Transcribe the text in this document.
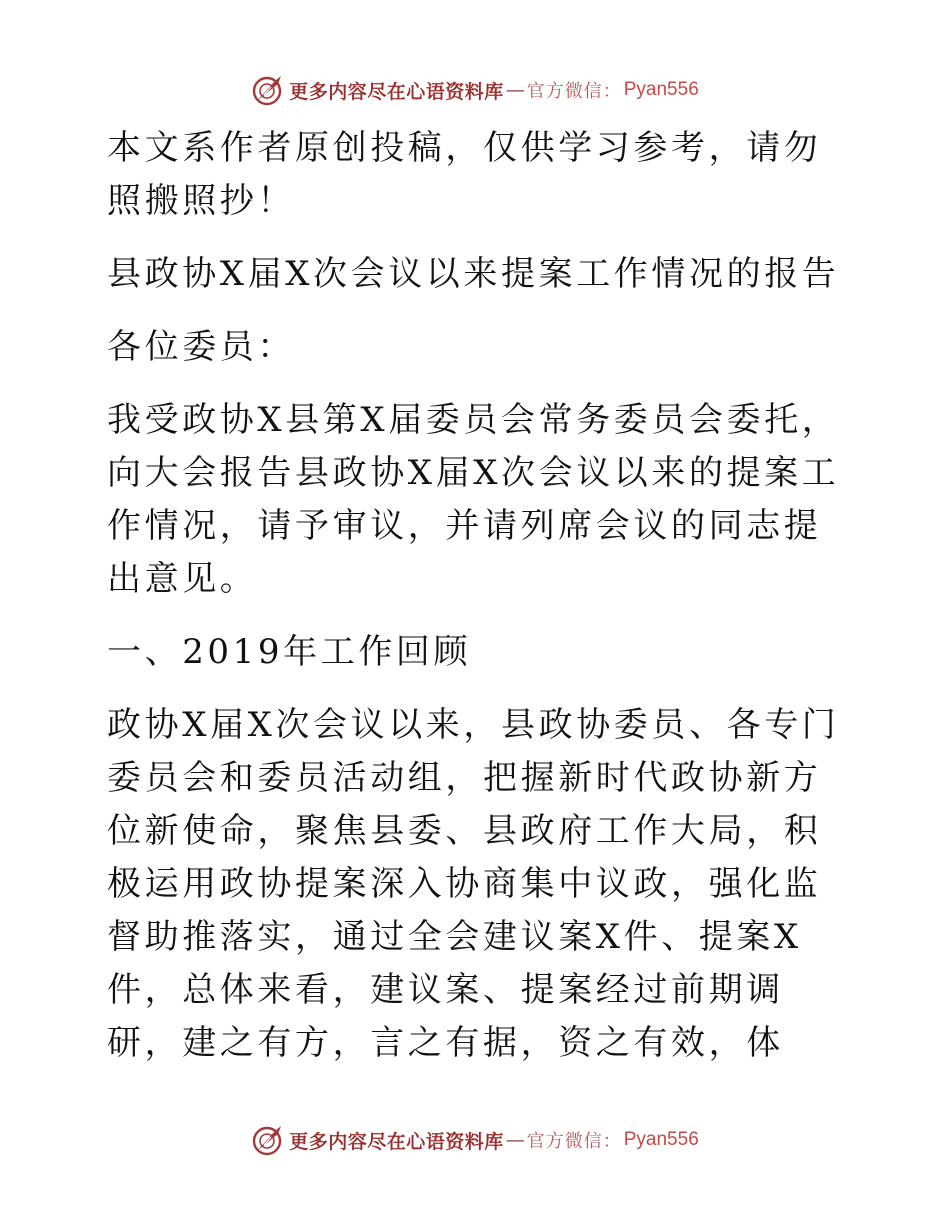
更多内容尽在心语资料库 — 官方微信： Pyan556

本文系作者原创投稿，仅供学习参考，请勿照搬照抄！

县政协X届X次会议以来提案工作情况的报告

各位委员：

我受政协X县第X届委员会常务委员会委托，向大会报告县政协X届X次会议以来的提案工作情况，请予审议，并请列席会议的同志提出意见。

一、2019年工作回顾

政协X届X次会议以来，县政协委员、各专门委员会和委员活动组，把握新时代政协新方位新使命，聚焦县委、县政府工作大局，积极运用政协提案深入协商集中议政，强化监督助推落实，通过全会建议案X件、提案X件，总体来看，建议案、提案经过前期调研，建之有方，言之有据，资之有效，体

更多内容尽在心语资料库 — 官方微信： Pyan556
